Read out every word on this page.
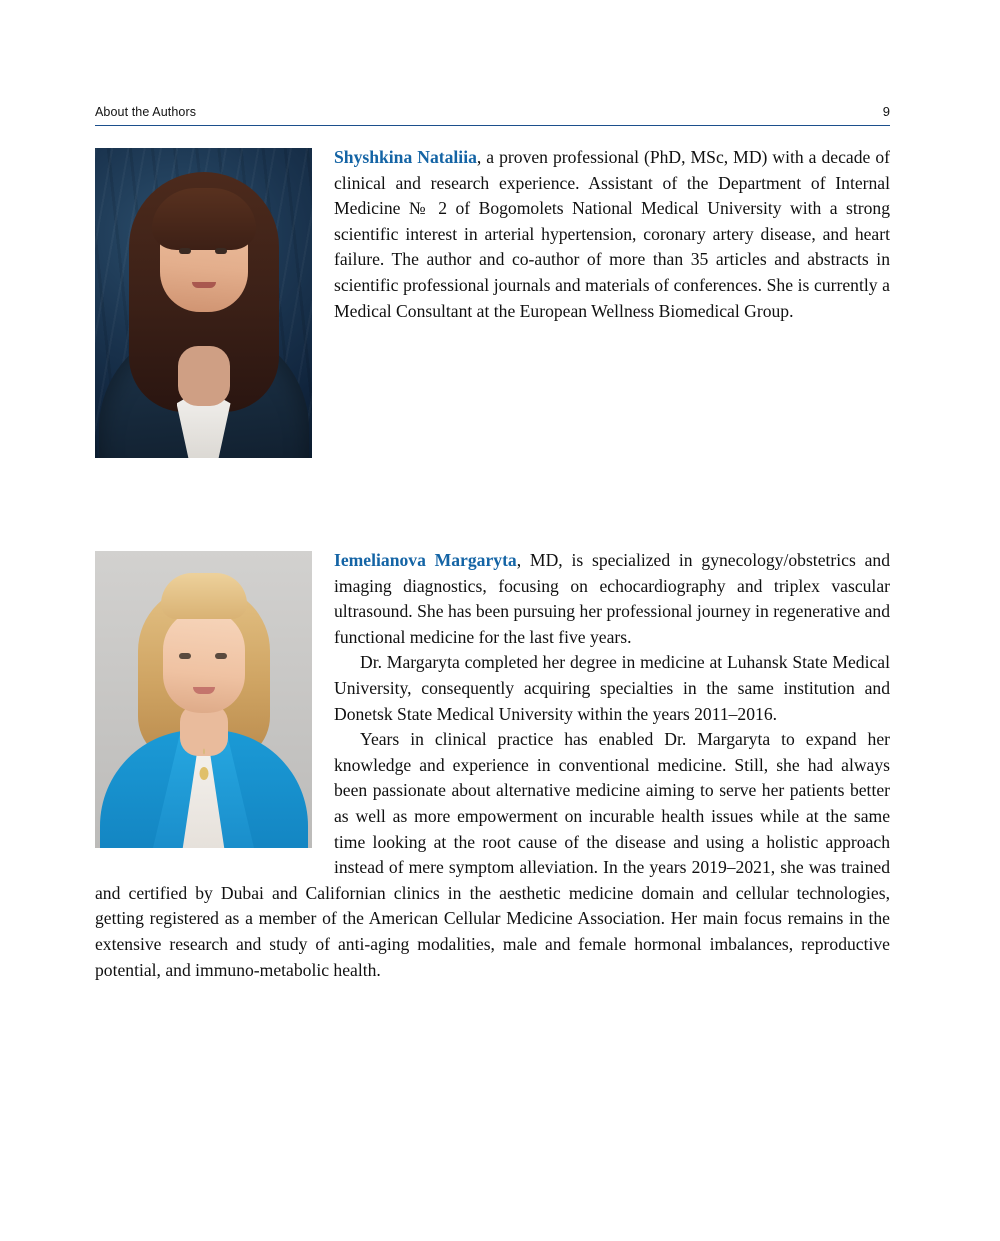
About the Authors	9

Shyshkina Nataliia, a proven professional (PhD, MSc, MD) with a decade of clinical and research experience. Assistant of the Department of Internal Medicine № 2 of Bogomolets National Medical University with a strong scientific interest in arterial hypertension, coronary artery disease, and heart failure. The author and co-author of more than 35 articles and abstracts in scientific professional journals and materials of conferences. She is currently a Medical Consultant at the European Wellness Biomedical Group.

Iemelianova Margaryta, MD, is specialized in gynecology/obstetrics and imaging diagnostics, focusing on echocardiography and triplex vascular ultrasound. She has been pursuing her professional journey in regenerative and functional medicine for the last five years.

Dr. Margaryta completed her degree in medicine at Luhansk State Medical University, consequently acquiring specialties in the same institution and Donetsk State Medical University within the years 2011–2016.

Years in clinical practice has enabled Dr. Margaryta to expand her knowledge and experience in conventional medicine. Still, she had always been passionate about alternative medicine aiming to serve her patients better as well as more empowerment on incurable health issues while at the same time looking at the root cause of the disease and using a holistic approach instead of mere symptom alleviation. In the years 2019–2021, she was trained and certified by Dubai and Californian clinics in the aesthetic medicine domain and cellular technologies, getting registered as a member of the American Cellular Medicine Association. Her main focus remains in the extensive research and study of anti-aging modalities, male and female hormonal imbalances, reproductive potential, and immuno-metabolic health.
